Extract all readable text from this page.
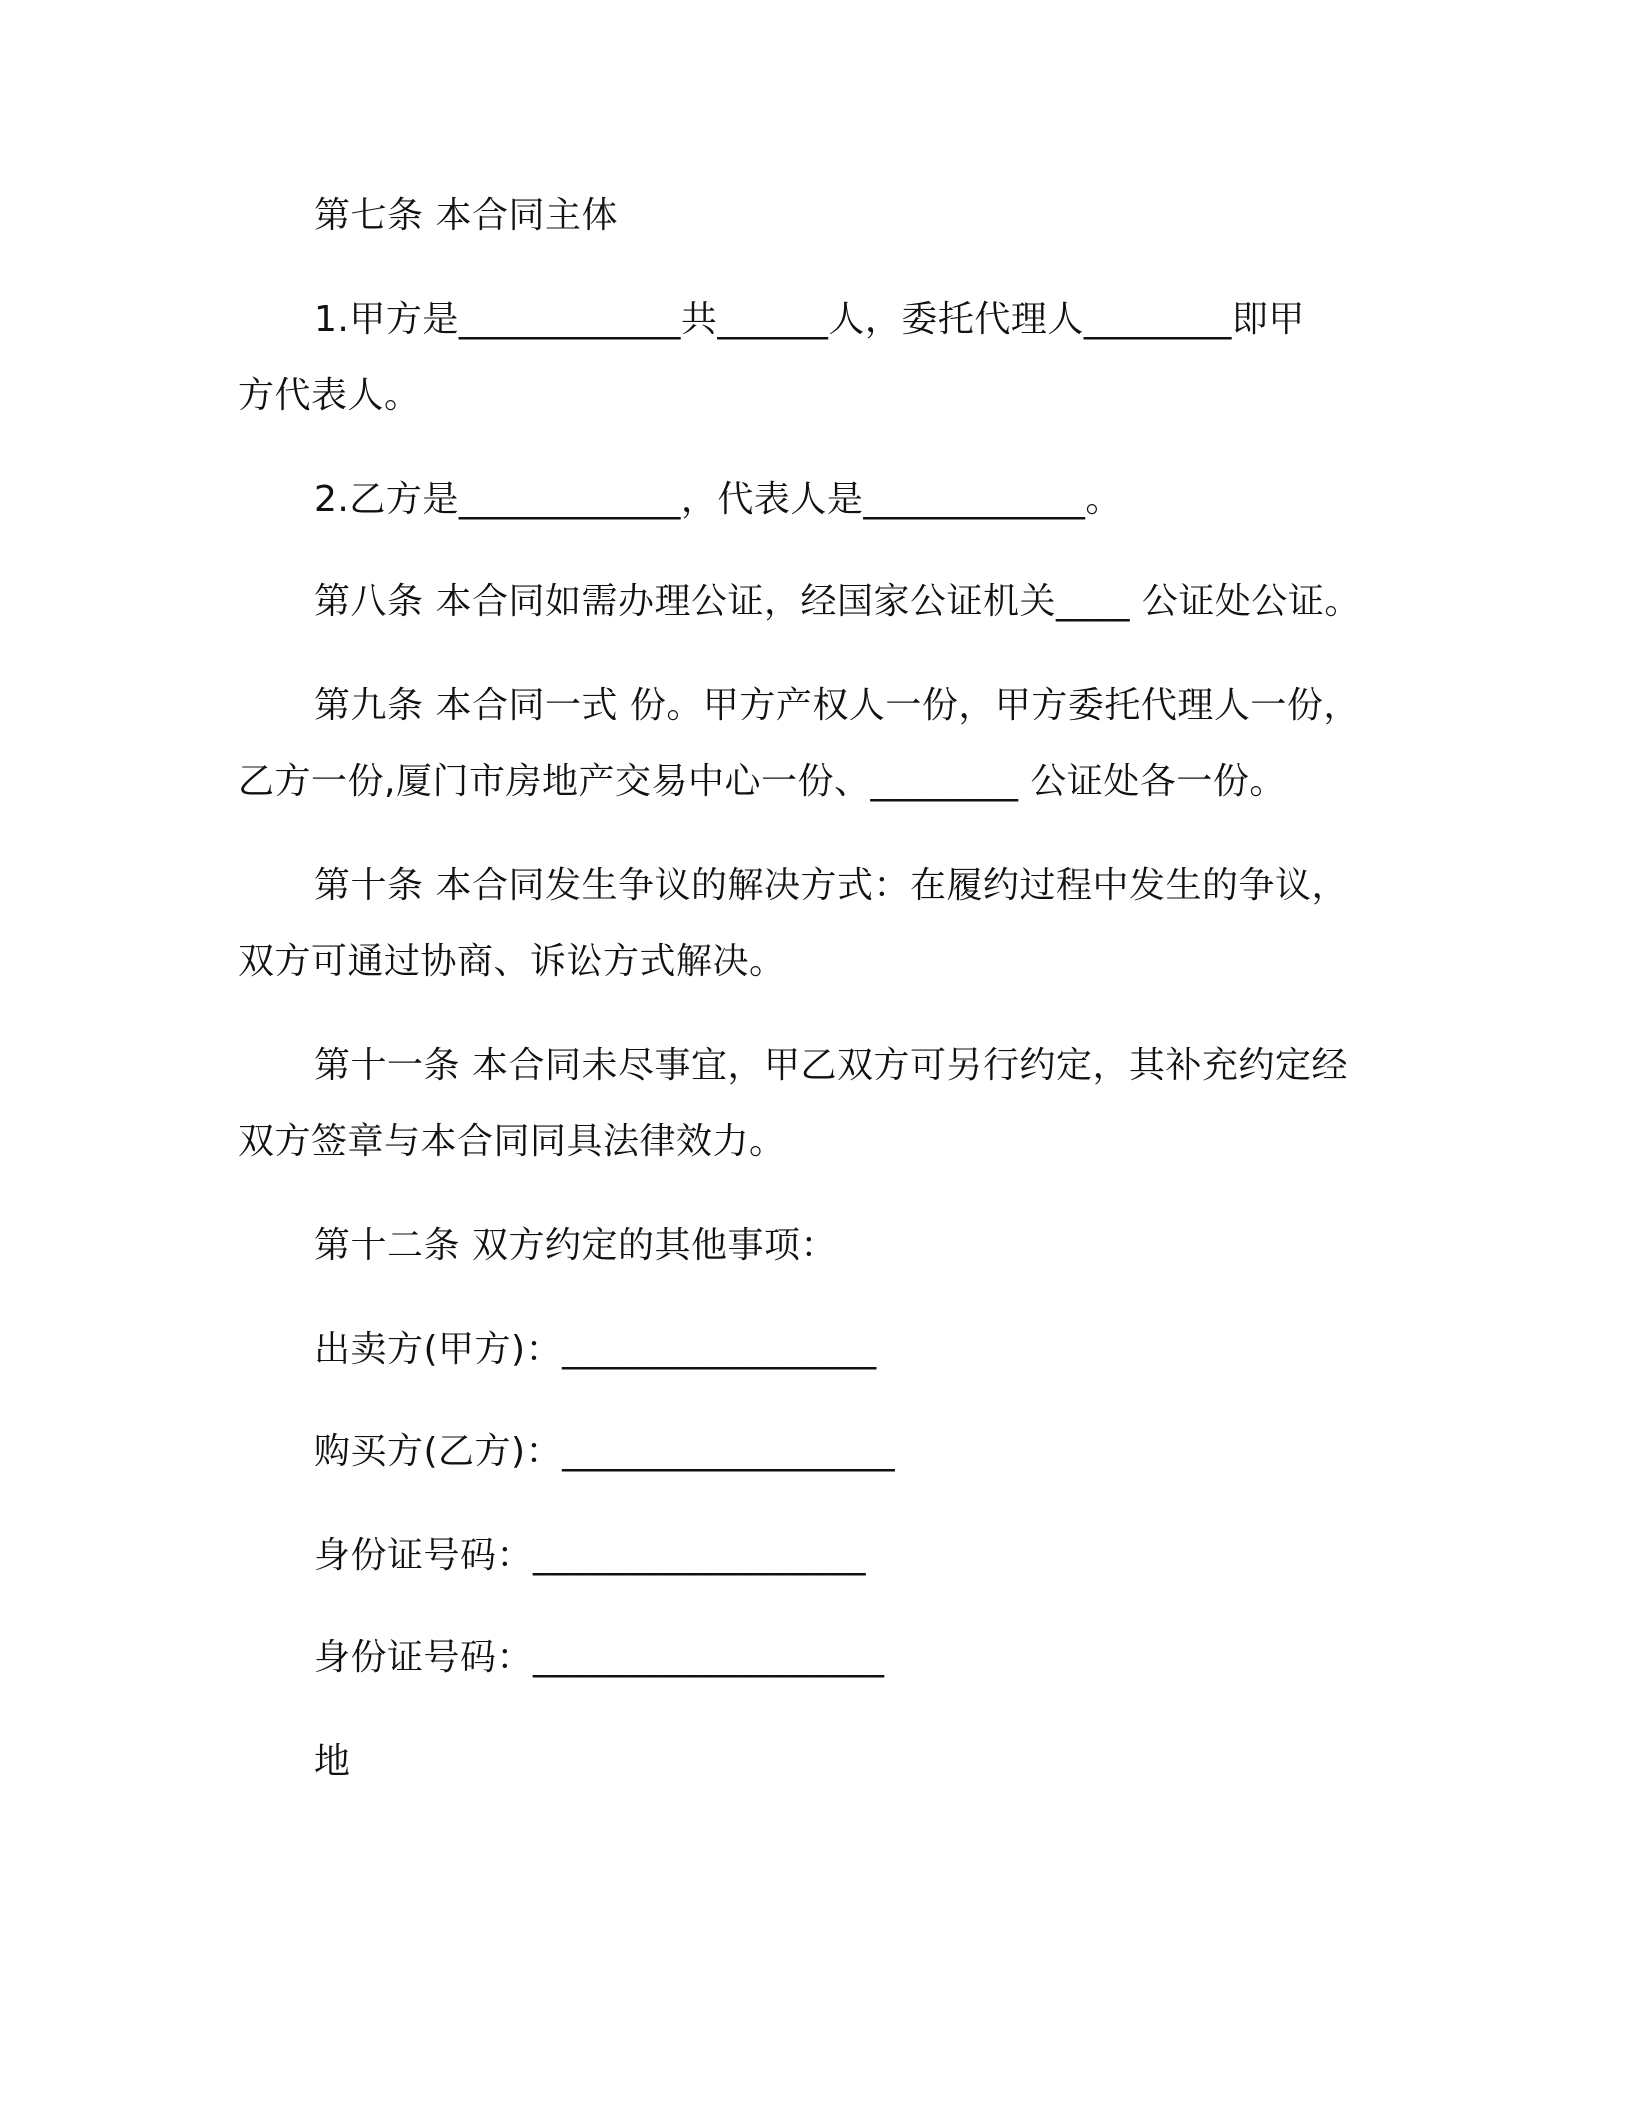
第七条 本合同主体
1.甲方是____________共______人，委托代理人________即甲
方代表人。
2.乙方是____________，代表人是____________。
第八条 本合同如需办理公证，经国家公证机关____ 公证处公证。
第九条 本合同一式 份。甲方产权人一份，甲方委托代理人一份，
乙方一份,厦门市房地产交易中心一份、________ 公证处各一份。
第十条 本合同发生争议的解决方式：在履约过程中发生的争议，
双方可通过协商、诉讼方式解决。
第十一条 本合同未尽事宜，甲乙双方可另行约定，其补充约定经
双方签章与本合同同具法律效力。
第十二条 双方约定的其他事项：
出卖方(甲方)：_________________
购买方(乙方)：__________________
身份证号码：__________________
身份证号码：___________________
地
